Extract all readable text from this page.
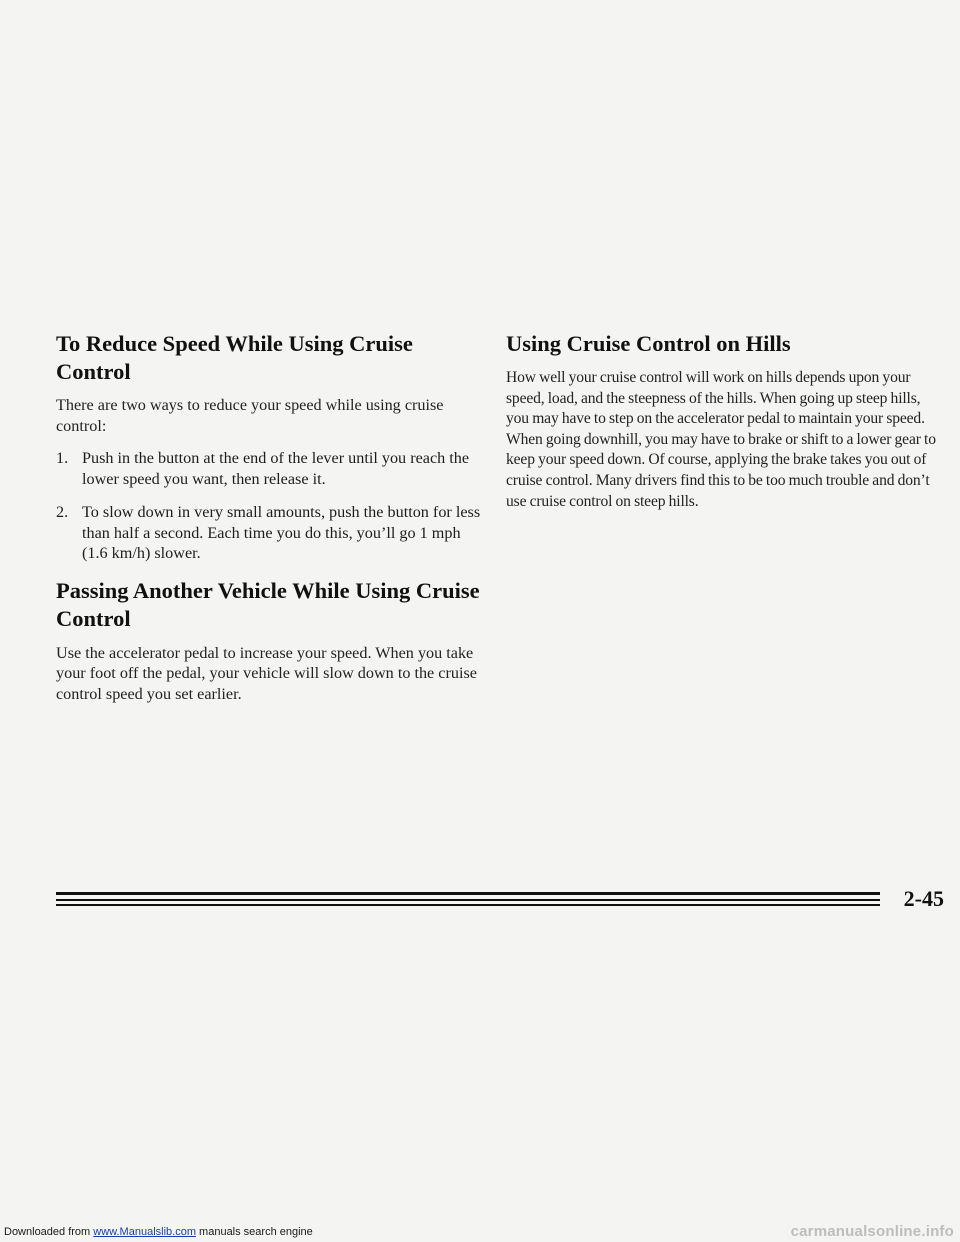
To Reduce Speed While Using Cruise Control

There are two ways to reduce your speed while using cruise control:

1. Push in the button at the end of the lever until you reach the lower speed you want, then release it.
2. To slow down in very small amounts, push the button for less than half a second. Each time you do this, you’ll go 1 mph (1.6 km/h) slower.
Passing Another Vehicle While Using Cruise Control

Use the accelerator pedal to increase your speed. When you take your foot off the pedal, your vehicle will slow down to the cruise control speed you set earlier.

Using Cruise Control on Hills

How well your cruise control will work on hills depends upon your speed, load, and the steepness of the hills. When going up steep hills, you may have to step on the accelerator pedal to maintain your speed. When going downhill, you may have to brake or shift to a lower gear to keep your speed down. Of course, applying the brake takes you out of cruise control. Many drivers find this to be too much trouble and don’t use cruise control on steep hills.

2-45
Downloaded from www.Manualslib.com manuals search engine	carmanualsonline.info
